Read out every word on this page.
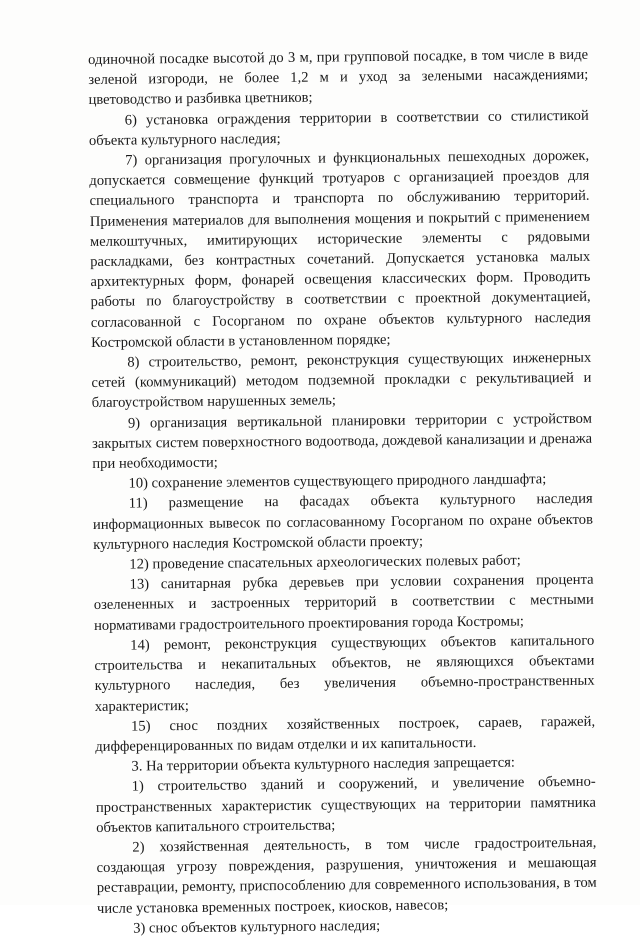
одиночной посадке высотой до 3 м, при групповой посадке, в том числе в виде зеленой изгороди, не более 1,2 м и уход за зелеными насаждениями; цветоводство и разбивка цветников;

6) установка ограждения территории в соответствии со стилистикой объекта культурного наследия;

7) организация прогулочных и функциональных пешеходных дорожек, допускается совмещение функций тротуаров с организацией проездов для специального транспорта и транспорта по обслуживанию территорий. Применения материалов для выполнения мощения и покрытий с применением мелкоштучных, имитирующих исторические элементы с рядовыми раскладками, без контрастных сочетаний. Допускается установка малых архитектурных форм, фонарей освещения классических форм. Проводить работы по благоустройству в соответствии с проектной документацией, согласованной с Госорганом по охране объектов культурного наследия Костромской области в установленном порядке;

8) строительство, ремонт, реконструкция существующих инженерных сетей (коммуникаций) методом подземной прокладки с рекультивацией и благоустройством нарушенных земель;

9) организация вертикальной планировки территории с устройством закрытых систем поверхностного водоотвода, дождевой канализации и дренажа при необходимости;

10) сохранение элементов существующего природного ландшафта;

11) размещение на фасадах объекта культурного наследия информационных вывесок по согласованному Госорганом по охране объектов культурного наследия Костромской области проекту;

12) проведение спасательных археологических полевых работ;

13) санитарная рубка деревьев при условии сохранения процента озелененных и застроенных территорий в соответствии с местными нормативами градостроительного проектирования города Костромы;

14) ремонт, реконструкция существующих объектов капитального строительства и некапитальных объектов, не являющихся объектами культурного наследия, без увеличения объемно-пространственных характеристик;

15) снос поздних хозяйственных построек, сараев, гаражей, дифференцированных по видам отделки и их капитальности.

3. На территории объекта культурного наследия запрещается:

1) строительство зданий и сооружений, и увеличение объемно-пространственных характеристик существующих на территории памятника объектов капитального строительства;

2) хозяйственная деятельность, в том числе градостроительная, создающая угрозу повреждения, разрушения, уничтожения и мешающая реставрации, ремонту, приспособлению для современного использования, в том числе установка временных построек, киосков, навесов;

3) снос объектов культурного наследия;
